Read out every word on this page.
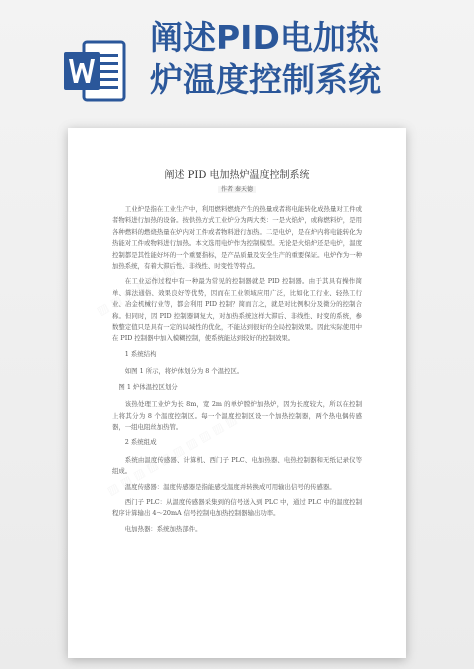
阐述PID电加热
炉温度控制系统
阐述 PID 电加热炉温度控制系统
作者 秦天德

工业炉是指在工业生产中，利用燃料燃烧产生的热量或者将电能转化成热量对工件或者物料进行加热的设备。按供热方式工业炉分为两大类：一是火焰炉，或称燃料炉，是用各种燃料的燃烧热量在炉内对工件或者物料进行加热。二是电炉，是在炉内将电能转化为热能对工件或物料进行加热。本文选用电炉作为控制模型。无论是火焰炉还是电炉，温度控制都是其性能好坏的一个重要指标，是产品质量及安全生产的重要保证。电炉作为一种加热系统，有着大滞后性、非线性、时变性等特点。

在工业运作过程中有一种最为常见的控制器就是 PID 控制器。由于其具有操作简单、算法通俗、效果良好等优势，因而在工业领域应用广泛，比如化工行业、轻热工行业、冶金机械行业等，都会利用 PID 控制？简而言之，就是对比例积分及微分的控制合称。但同时，因 PID 控制器调复大，对加热系统这样大滞后、非线性、时变的系统，参数整定值只是具有一定的局域性的优化，不能达到很好的全局控制效果。因此实际使用中在 PID 控制器中加入模糊控制，使系统能达到较好的控制效果。

1 系统结构

如图 1 所示，将炉体划分为 8 个温控区。

图 1 炉体温控区划分

该热处理工业炉为长 8m，宽 2m 的单炉膛炉加热炉，因为长度较大，所以在控制上将其分为 8 个温度控制区。每一个温度控制区设一个加热控制器，两个热电偶传感器，一组电阻丝加热管。

2 系统组成

系统由温度传感器、计算机、西门子 PLC、电加热器、电热控制器和无纸记录仪等组成。

温度传感器：温度传感器是指能感受温度并转换成可用输出信号的传感器。

西门子 PLC：从温度传感器采集到的信号送入到 PLC 中，通过 PLC 中的温度控制程序计算输出 4～20mA 信号控制电加热控制器输出功率。

电加热器：系统加热部件。
